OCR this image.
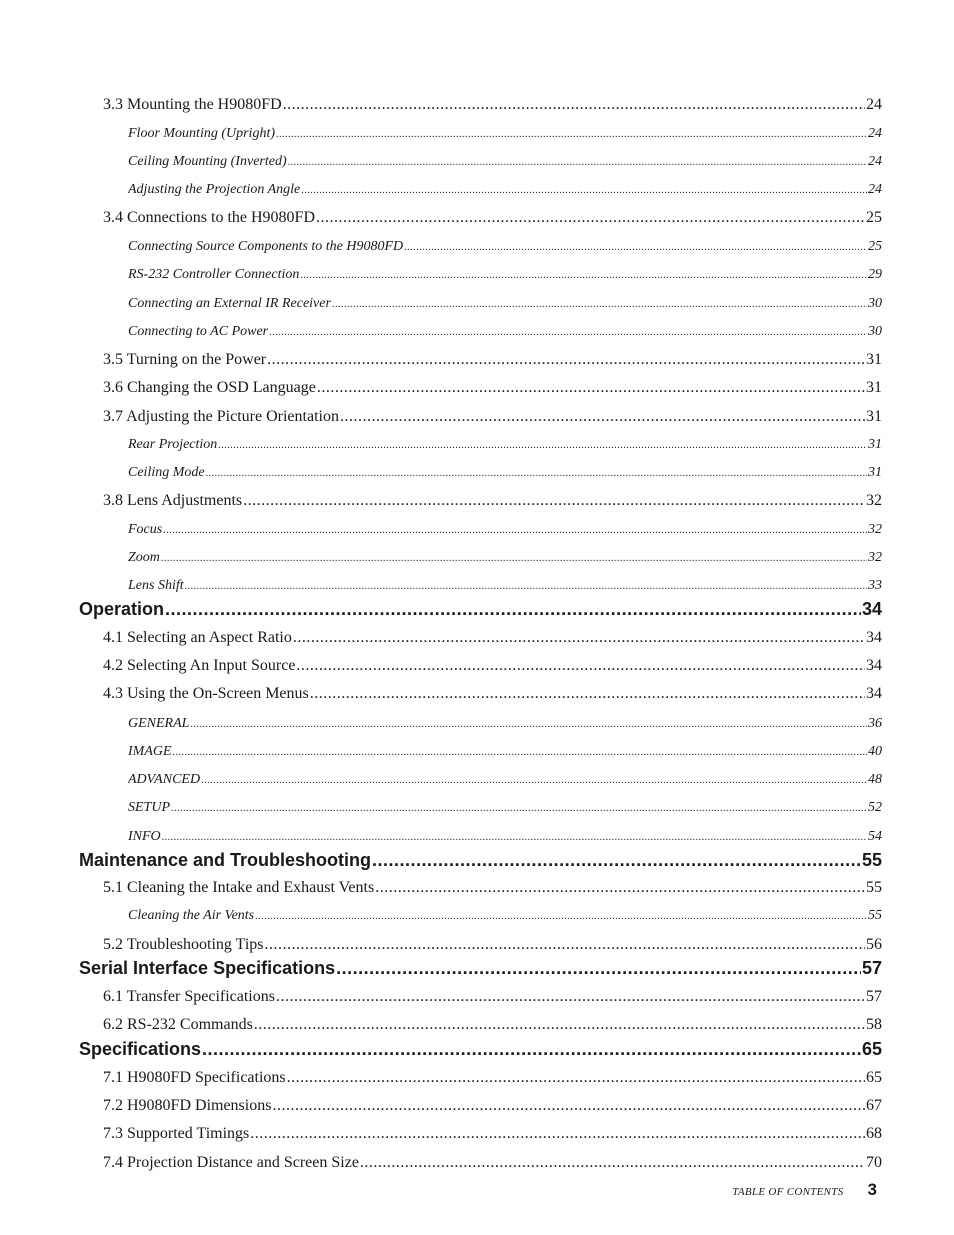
3.3 Mounting the H9080FD .....	24
Floor Mounting (Upright) .....	24
Ceiling Mounting (Inverted) .....	24
Adjusting the Projection Angle .....	24
3.4 Connections to the H9080FD .....	25
Connecting Source Components to the H9080FD .....	25
RS-232 Controller Connection .....	29
Connecting an External IR Receiver .....	30
Connecting to AC Power .....	30
3.5 Turning on the Power .....	31
3.6 Changing the OSD Language .....	31
3.7 Adjusting the Picture Orientation .....	31
Rear Projection .....	31
Ceiling Mode .....	31
3.8 Lens Adjustments .....	32
Focus .....	32
Zoom .....	32
Lens Shift .....	33
Operation .....	34
4.1 Selecting an Aspect Ratio .....	34
4.2 Selecting An Input Source .....	34
4.3 Using the On-Screen Menus .....	34
GENERAL .....	36
IMAGE .....	40
ADVANCED .....	48
SETUP .....	52
INFO .....	54
Maintenance and Troubleshooting .....	55
5.1 Cleaning the Intake and Exhaust Vents .....	55
Cleaning the Air Vents .....	55
5.2 Troubleshooting Tips .....	56
Serial Interface Specifications .....	57
6.1 Transfer Specifications .....	57
6.2 RS-232 Commands .....	58
Specifications .....	65
7.1 H9080FD Specifications .....	65
7.2 H9080FD Dimensions .....	67
7.3 Supported Timings .....	68
7.4 Projection Distance and Screen Size .....	70
TABLE OF CONTENTS 3
